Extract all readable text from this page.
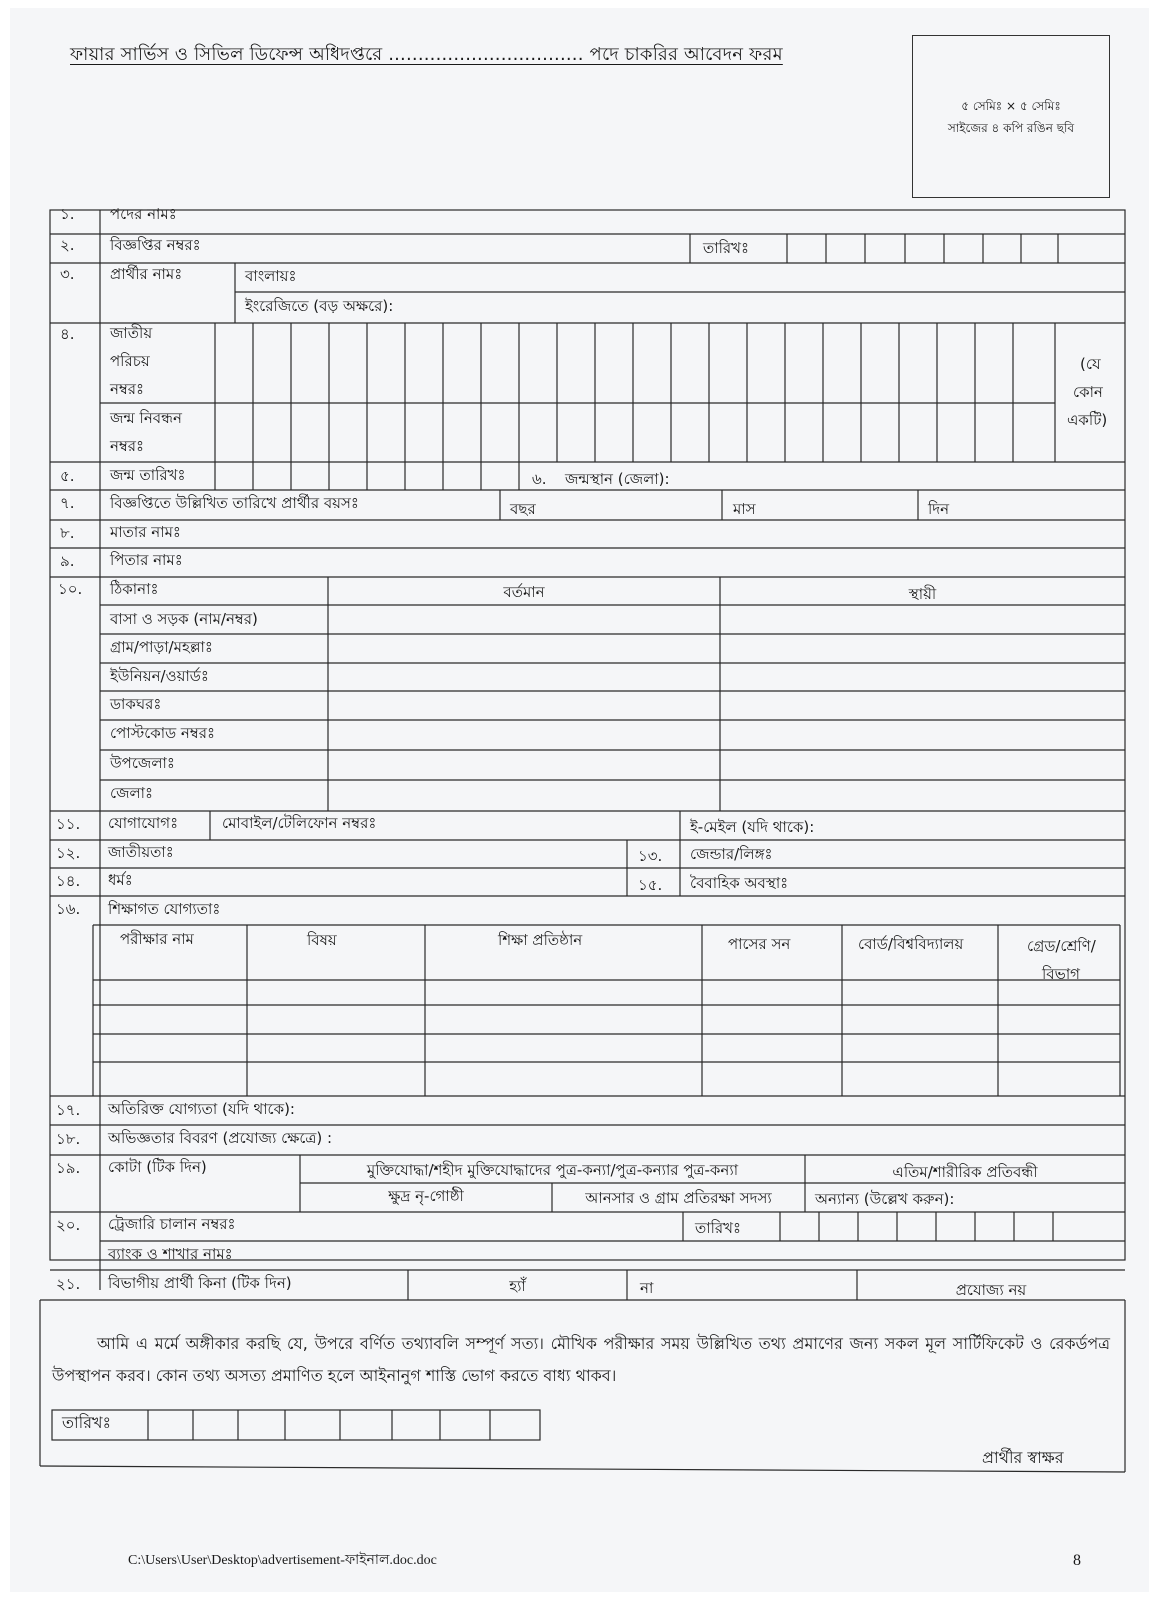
ফায়ার সার্ভিস ও সিভিল ডিফেন্স অধিদপ্তরে ................................. পদে চাকরির আবেদন ফরম
৫ সেমিঃ × ৫ সেমিঃ
সাইজের ৪ কপি রঙিন ছবি
১. পদের নামঃ
২. বিজ্ঞপ্তির নম্বরঃ	তারিখঃ
৩. প্রার্থীর নামঃ	বাংলায়ঃ
ইংরেজিতে (বড় অক্ষরে):
৪. জাতীয়
পরিচয়
নম্বরঃ
জন্ম নিবন্ধন
নম্বরঃ
(যে
কোন
একটি)
৫. জন্ম তারিখঃ	৬. জন্মস্থান (জেলা):
৭. বিজ্ঞপ্তিতে উল্লিখিত তারিখে প্রার্থীর বয়সঃ	বছর	মাস	দিন
৮. মাতার নামঃ
৯. পিতার নামঃ
১০. ঠিকানাঃ	বর্তমান	স্থায়ী
বাসা ও সড়ক (নাম/নম্বর)
গ্রাম/পাড়া/মহল্লাঃ
ইউনিয়ন/ওয়ার্ডঃ
ডাকঘরঃ
পোস্টকোড নম্বরঃ
উপজেলাঃ
জেলাঃ
১১. যোগাযোগঃ	মোবাইল/টেলিফোন নম্বরঃ	ই-মেইল (যদি থাকে):
১২. জাতীয়তাঃ	১৩. জেন্ডার/লিঙ্গঃ
১৪. ধর্মঃ	১৫. বৈবাহিক অবস্থাঃ
১৬. শিক্ষাগত যোগ্যতাঃ
পরীক্ষার নাম	বিষয়	শিক্ষা প্রতিষ্ঠান	পাসের সন	বোর্ড/বিশ্ববিদ্যালয়	গ্রেড/শ্রেণি/
বিভাগ
১৭. অতিরিক্ত যোগ্যতা (যদি থাকে):
১৮. অভিজ্ঞতার বিবরণ (প্রযোজ্য ক্ষেত্রে) :
১৯. কোটা (টিক দিন)	মুক্তিযোদ্ধা/শহীদ মুক্তিযোদ্ধাদের পুত্র-কন্যা/পুত্র-কন্যার পুত্র-কন্যা	এতিম/শারীরিক প্রতিবন্ধী
ক্ষুদ্র নৃ-গোষ্ঠী	আনসার ও গ্রাম প্রতিরক্ষা সদস্য	অন্যান্য (উল্লেখ করুন):
২০. ট্রেজারি চালান নম্বরঃ	তারিখঃ
ব্যাংক ও শাখার নামঃ
২১. বিভাগীয় প্রার্থী কিনা (টিক দিন)	হ্যাঁ	না	প্রযোজ্য নয়
আমি এ মর্মে অঙ্গীকার করছি যে, উপরে বর্ণিত তথ্যাবলি সম্পূর্ণ সত্য। মৌখিক পরীক্ষার সময় উল্লিখিত তথ্য প্রমাণের জন্য সকল মূল সার্টিফিকেট ও রেকর্ডপত্র উপস্থাপন করব। কোন তথ্য অসত্য প্রমাণিত হলে আইনানুগ শাস্তি ভোগ করতে বাধ্য থাকব।
তারিখঃ
প্রার্থীর স্বাক্ষর
C:\Users\User\Desktop\advertisement-ফাইনাল.doc.doc	8
